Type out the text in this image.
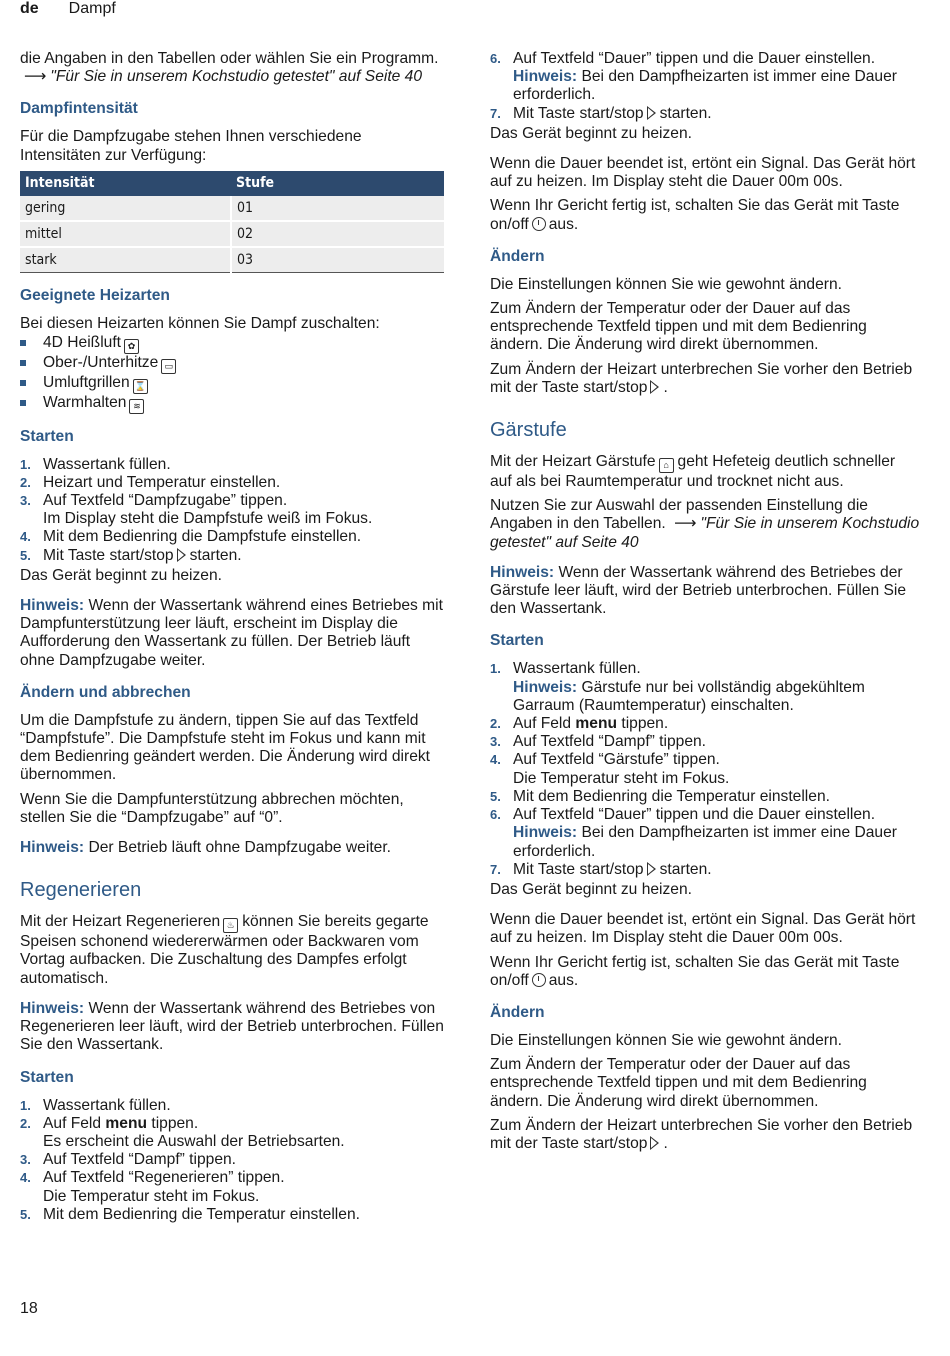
de Dampf

die Angaben in den Tabellen oder wählen Sie ein Programm. ⟶ "Für Sie in unserem Kochstudio getestet" auf Seite 40

Dampfintensität

Für die Dampfzugabe stehen Ihnen verschiedene Intensitäten zur Verfügung:

Intensität	Stufe
gering	01
mittel	02
stark	03
Geeignete Heizarten

Bei diesen Heizarten können Sie Dampf zuschalten:

4D Heißluft ✿
Ober-/Unterhitze ▭
Umluftgrillen ⌛
Warmhalten ≋
Starten
1. Wassertank füllen.
2. Heizart und Temperatur einstellen.
3. Auf Textfeld “Dampfzugabe” tippen.
Im Display steht die Dampfstufe weiß im Fokus.
4. Mit dem Bedienring die Dampfstufe einstellen.
5. Mit Taste start/stop starten.

Das Gerät beginnt zu heizen.

Hinweis: Wenn der Wassertank während eines Betriebes mit Dampfunterstützung leer läuft, erscheint im Display die Aufforderung den Wassertank zu füllen. Der Betrieb läuft ohne Dampfzugabe weiter.

Ändern und abbrechen

Um die Dampfstufe zu ändern, tippen Sie auf das Textfeld “Dampfstufe”. Die Dampfstufe steht im Fokus und kann mit dem Bedienring geändert werden. Die Änderung wird direkt übernommen.

Wenn Sie die Dampfunterstützung abbrechen möchten, stellen Sie die “Dampfzugabe” auf “0”.

Hinweis: Der Betrieb läuft ohne Dampfzugabe weiter.

Regenerieren

Mit der Heizart Regenerieren ♨ können Sie bereits gegarte Speisen schonend wiedererwärmen oder Backwaren vom Vortag aufbacken. Die Zuschaltung des Dampfes erfolgt automatisch.

Hinweis: Wenn der Wassertank während des Betriebes von Regenerieren leer läuft, wird der Betrieb unterbrochen. Füllen Sie den Wassertank.

Starten
1. Wassertank füllen.
2. Auf Feld menu tippen.
Es erscheint die Auswahl der Betriebsarten.
3. Auf Textfeld “Dampf” tippen.
4. Auf Textfeld “Regenerieren” tippen.
Die Temperatur steht im Fokus.
5. Mit dem Bedienring die Temperatur einstellen.
6. Auf Textfeld “Dauer” tippen und die Dauer einstellen.
Hinweis: Bei den Dampfheizarten ist immer eine Dauer erforderlich.
7. Mit Taste start/stop starten.

Das Gerät beginnt zu heizen.

Wenn die Dauer beendet ist, ertönt ein Signal. Das Gerät hört auf zu heizen. Im Display steht die Dauer 00m 00s.

Wenn Ihr Gericht fertig ist, schalten Sie das Gerät mit Taste on/off aus.

Ändern

Die Einstellungen können Sie wie gewohnt ändern.

Zum Ändern der Temperatur oder der Dauer auf das entsprechende Textfeld tippen und mit dem Bedienring ändern. Die Änderung wird direkt übernommen.

Zum Ändern der Heizart unterbrechen Sie vorher den Betrieb mit der Taste start/stop .

Gärstufe

Mit der Heizart Gärstufe ⌂ geht Hefeteig deutlich schneller auf als bei Raumtemperatur und trocknet nicht aus.

Nutzen Sie zur Auswahl der passenden Einstellung die Angaben in den Tabellen. ⟶ "Für Sie in unserem Kochstudio getestet" auf Seite 40

Hinweis: Wenn der Wassertank während des Betriebes der Gärstufe leer läuft, wird der Betrieb unterbrochen. Füllen Sie den Wassertank.

Starten
1. Wassertank füllen.
Hinweis: Gärstufe nur bei vollständig abgekühltem Garraum (Raumtemperatur) einschalten.
2. Auf Feld menu tippen.
3. Auf Textfeld “Dampf” tippen.
4. Auf Textfeld “Gärstufe” tippen.
Die Temperatur steht im Fokus.
5. Mit dem Bedienring die Temperatur einstellen.
6. Auf Textfeld “Dauer” tippen und die Dauer einstellen.
Hinweis: Bei den Dampfheizarten ist immer eine Dauer erforderlich.
7. Mit Taste start/stop starten.

Das Gerät beginnt zu heizen.

Wenn die Dauer beendet ist, ertönt ein Signal. Das Gerät hört auf zu heizen. Im Display steht die Dauer 00m 00s.

Wenn Ihr Gericht fertig ist, schalten Sie das Gerät mit Taste on/off aus.

Ändern

Die Einstellungen können Sie wie gewohnt ändern.

Zum Ändern der Temperatur oder der Dauer auf das entsprechende Textfeld tippen und mit dem Bedienring ändern. Die Änderung wird direkt übernommen.

Zum Ändern der Heizart unterbrechen Sie vorher den Betrieb mit der Taste start/stop .

18
